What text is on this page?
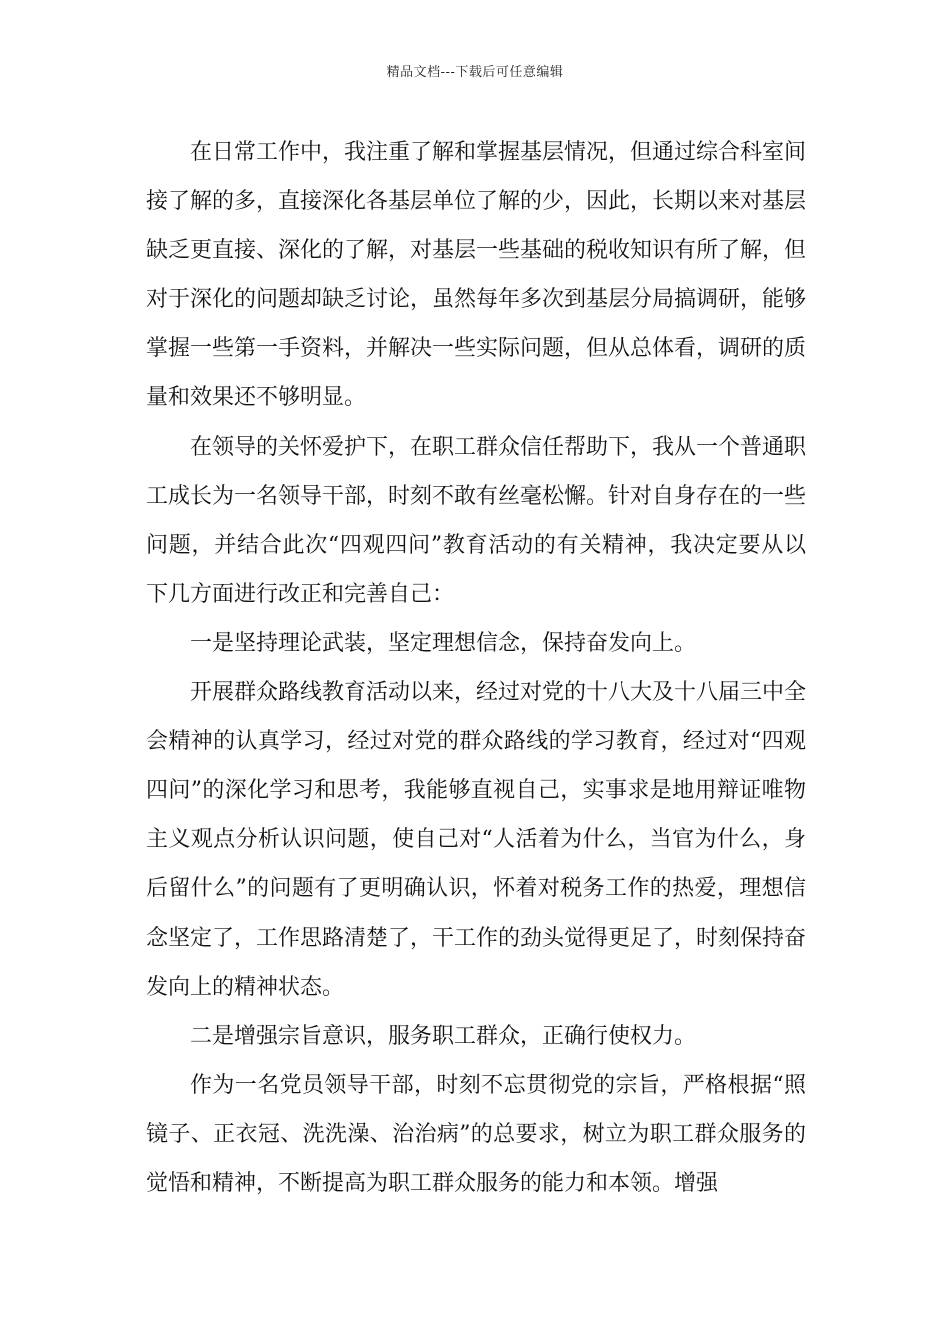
精品文档---下载后可任意编辑

在日常工作中，我注重了解和掌握基层情况，但通过综合科室间接了解的多，直接深化各基层单位了解的少，因此，长期以来对基层缺乏更直接、深化的了解，对基层一些基础的税收知识有所了解，但对于深化的问题却缺乏讨论，虽然每年多次到基层分局搞调研，能够掌握一些第一手资料，并解决一些实际问题，但从总体看，调研的质量和效果还不够明显。

在领导的关怀爱护下，在职工群众信任帮助下，我从一个普通职工成长为一名领导干部，时刻不敢有丝毫松懈。针对自身存在的一些问题，并结合此次“四观四问”教育活动的有关精神，我决定要从以下几方面进行改正和完善自己：

一是坚持理论武装，坚定理想信念，保持奋发向上。

开展群众路线教育活动以来，经过对党的十八大及十八届三中全会精神的认真学习，经过对党的群众路线的学习教育，经过对“四观四问”的深化学习和思考，我能够直视自己，实事求是地用辩证唯物主义观点分析认识问题，使自己对“人活着为什么，当官为什么，身后留什么”的问题有了更明确认识，怀着对税务工作的热爱，理想信念坚定了，工作思路清楚了，干工作的劲头觉得更足了，时刻保持奋发向上的精神状态。

二是增强宗旨意识，服务职工群众，正确行使权力。

作为一名党员领导干部，时刻不忘贯彻党的宗旨，严格根据“照镜子、正衣冠、洗洗澡、治治病”的总要求，树立为职工群众服务的觉悟和精神，不断提高为职工群众服务的能力和本领。增强
